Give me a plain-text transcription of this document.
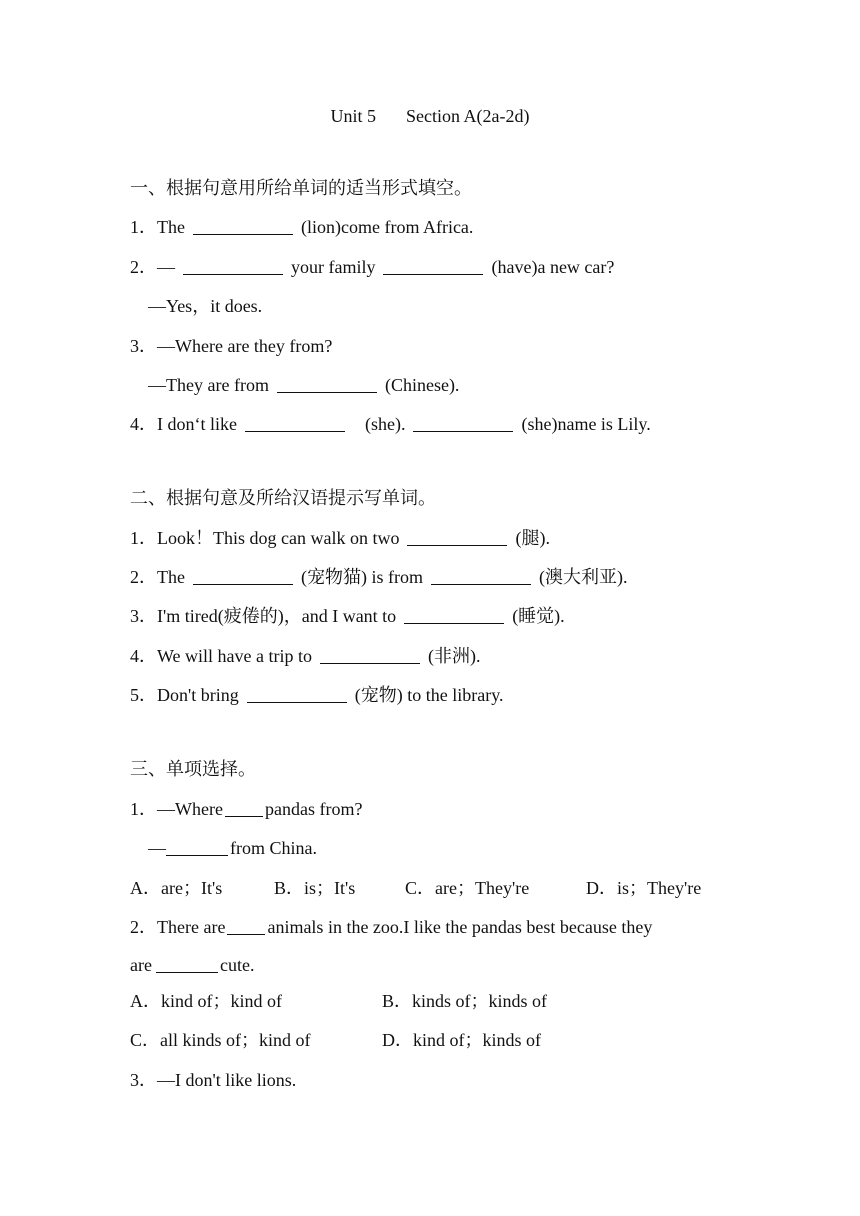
Unit 5 Section A(2a-2d)
一、根据句意用所给单词的适当形式填空。
1．The	(lion)come from Africa.
2．—	your family	(have)a new car?
—Yes，it does.
3．—Where are they from?
—They are from	(Chinese).
4．I don‘t like	(she).	(she)name is Lily.
二、根据句意及所给汉语提示写单词。
1．Look！This dog can walk on two	(腿).
2．The	(宠物猫) is from	(澳大利亚).
3．I'm tired(疲倦的)，and I want to	(睡觉).
4．We will have a trip to	(非洲).
5．Don't bring	(宠物) to the library.
三、单项选择。
1．—Where pandas from?
—	from China.
A．are；It's	B．is；It's	C．are；They're	D．is；They're
2．There are animals in the zoo.I like the pandas best because they
are	cute.
A．kind of；kind of	B．kinds of；kinds of
C．all kinds of；kind of	D．kind of；kinds of
3．—I don't like lions.
